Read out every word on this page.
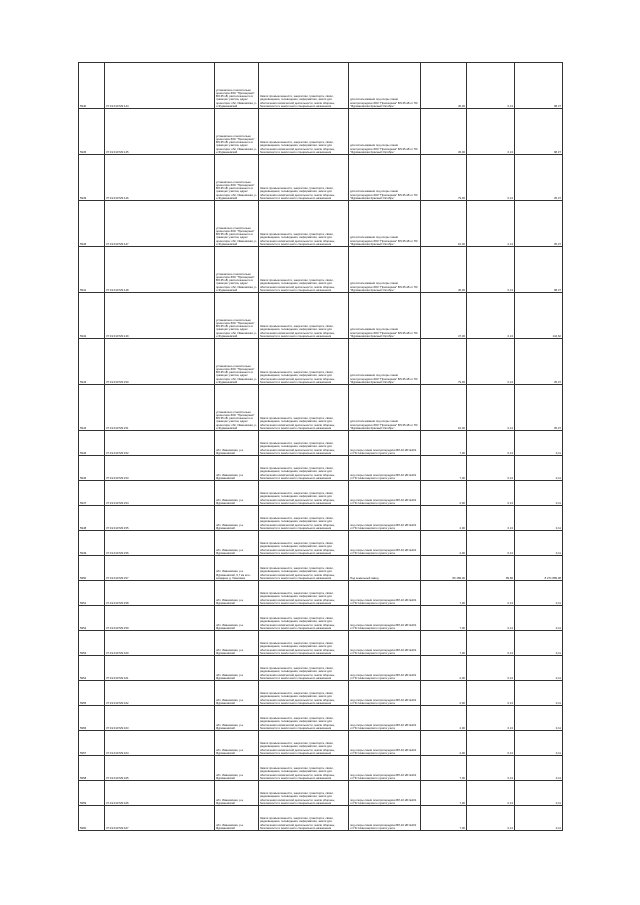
5940	37:19:010729:144	установлено относительно ориентира ЗОК "Приозерная" ВЛ-35 кВ, расположенного в границах участка, адрес ориентира: обл. Ивановская, р-н Фурмановский	Земли промышленности, энергетики, транспорта, связи, радиовещания, телевидения, информатики, земли для обеспечения космической деятельности, земли обороны, безопасности и земли иного специального назначения	для использования под опоры линии электропередачи ЗОК "Приозерная" ВЛ-35 кВ от ПС "Фурмановская Красный Октябрь"	45,00	0,13	98,37
5945	37:19:010729:145	установлено относительно ориентира ЗОК "Приозерная" ВЛ-35 кВ, расположенного в границах участка, адрес ориентира: обл. Ивановская, р-н Фурмановский	Земли промышленности, энергетики, транспорта, связи, радиовещания, телевидения, информатики, земли для обеспечения космической деятельности, земли обороны, безопасности и земли иного специального назначения	для использования под опоры линии электропередачи ЗОК "Приозерная" ВЛ-35 кВ от ПС "Фурмановская Красный Октябрь"	45,00	0,13	98,37
5939	37:19:010729:146	установлено относительно ориентира ЗОК "Приозерная" ВЛ-35 кВ, расположенного в границах участка, адрес ориентира: обл. Ивановская, р-н Фурмановский	Земли промышленности, энергетики, транспорта, связи, радиовещания, телевидения, информатики, земли для обеспечения космической деятельности, земли обороны, безопасности и земли иного специального назначения	для использования под опоры линии электропередачи ЗОК "Приозерная" ВЛ-35 кВ от ПС "Фурмановская Красный Октябрь"	79,00	0,13	35,07
5946	37:19:010729:147	установлено относительно ориентира ЗОК "Приозерная" ВЛ-35 кВ, расположенного в границах участка, адрес ориентира: обл. Ивановская, р-н Фурмановский	Земли промышленности, энергетики, транспорта, связи, радиовещания, телевидения, информатики, земли для обеспечения космической деятельности, земли обороны, безопасности и земли иного специального назначения	для использования под опоры линии электропередачи ЗОК "Приозерная" ВЛ-35 кВ от ПС "Фурмановская Красный Октябрь"	16,00	2,13	35,07
5941	37:19:010729:148	установлено относительно ориентира ЗОК "Приозерная" ВЛ-35 кВ, расположенного в границах участка, адрес ориентира: обл. Ивановская, р-н Фурмановский	Земли промышленности, энергетики, транспорта, связи, радиовещания, телевидения, информатики, земли для обеспечения космической деятельности, земли обороны, безопасности и земли иного специального назначения	для использования под опоры линии электропередачи ЗОК "Приозерная" ВЛ-35 кВ от ПС "Фурмановская Красный Октябрь"	45,00	0,13	98,37
5942	37:19:010729:149	установлено относительно ориентира ЗОК "Приозерная" ВЛ-35 кВ, расположенного в границах участка, адрес ориентира: обл. Ивановская, р-н Фурмановский	Земли промышленности, энергетики, транспорта, связи, радиовещания, телевидения, информатики, земли для обеспечения космической деятельности, земли обороны, безопасности и земли иного специального назначения	для использования под опоры линии электропередачи ЗОК "Приозерная" ВЛ-35 кВ от ПС "Фурмановская Красный Октябрь"	47,00	0,13	142,62
5943	37:19:010729:150	установлено относительно ориентира ЗОК "Приозерная" ВЛ-35 кВ, расположенного в границах участка, адрес ориентира: обл. Ивановская, р-н Фурмановский	Земли промышленности, энергетики, транспорта, связи, радиовещания, телевидения, информатики, земли для обеспечения космической деятельности, земли обороны, безопасности и земли иного специального назначения	для использования под опоры линии электропередачи ЗОК "Приозерная" ВЛ-35 кВ от ПС "Фурмановская Красный Октябрь"	79,00	0,13	35,07
5944	37:19:010729:151	установлено относительно ориентира ЗОК "Приозерная" ВЛ-35 кВ, расположенного в границах участка, адрес ориентира: обл. Ивановская, р-н Фурмановский	Земли промышленности, энергетики, транспорта, связи, радиовещания, телевидения, информатики, земли для обеспечения космической деятельности, земли обороны, безопасности и земли иного специального назначения	для использования под опоры линии электропередачи ЗОК "Приозерная" ВЛ-35 кВ от ПС "Фурмановская Красный Октябрь"	16,00	0,13	35,07
5946	37:19:010729:152	обл. Ивановская, р-н Фурмановский	Земли промышленности, энергетики, транспорта, связи, радиовещания, телевидения, информатики, земли для обеспечения космической деятельности, земли обороны, безопасности и земли иного специального назначения	под опоры линии электропередачи ВЛ-10 кВ №101 от ПС Новоозерского пункта учета	7,00	0,13	0,11
5945	37:19:010729:153	обл. Ивановская, р-н Фурмановский	Земли промышленности, энергетики, транспорта, связи, радиовещания, телевидения, информатики, земли для обеспечения космической деятельности, земли обороны, безопасности и земли иного специального назначения	под опоры линии электропередачи ВЛ-10 кВ №101 от ПС Новоозерского пункта учета	7,00	0,13	0,11
5947	37:19:010729:154	обл. Ивановская, р-н Фурмановский	Земли промышленности, энергетики, транспорта, связи, радиовещания, телевидения, информатики, земли для обеспечения космической деятельности, земли обороны, безопасности и земли иного специального назначения	под опоры линии электропередачи ВЛ-10 кВ №101 от ПС Новоозерского пункта учета	2,00	0,13	0,11
5948	37:19:010729:155	обл. Ивановская, р-н Фурмановский	Земли промышленности, энергетики, транспорта, связи, радиовещания, телевидения, информатики, земли для обеспечения космической деятельности, земли обороны, безопасности и земли иного специального назначения	под опоры линии электропередачи ВЛ-10 кВ №101 от ПС Новоозерского пункта учета	2,00	0,13	0,11
5949	37:19:010729:156	обл. Ивановская, р-н Фурмановский	Земли промышленности, энергетики, транспорта, связи, радиовещания, телевидения, информатики, земли для обеспечения космической деятельности, земли обороны, безопасности и земли иного специального назначения	под опоры линии электропередачи ВЛ-10 кВ №101 от ПС Новоозерского пункта учета	2,00	0,13	0,11
5950	37:19:010729:157	обл. Ивановская, р-н Фурмановский, 0,7 км юго-западнее д. Хмелинка	Земли промышленности, энергетики, транспорта, связи, радиовещания, телевидения, информатики, земли для обеспечения космической деятельности, земли обороны, безопасности и земли иного специального назначения	Под земельный завод	86 189,00	89,86	8 271 889,38
5951	37:19:010729:158	обл. Ивановская, р-н Фурмановский	Земли промышленности, энергетики, транспорта, связи, радиовещания, телевидения, информатики, земли для обеспечения космической деятельности, земли обороны, безопасности и земли иного специального назначения	под опоры линии электропередачи ВЛ-10 кВ №101 от ПС Новоозерского пункта учета	7,00	0,13	0,11
5952	37:19:010729:159	обл. Ивановская, р-н Фурмановский	Земли промышленности, энергетики, транспорта, связи, радиовещания, телевидения, информатики, земли для обеспечения космической деятельности, земли обороны, безопасности и земли иного специального назначения	под опоры линии электропередачи ВЛ-10 кВ №101 от ПС Новоозерского пункта учета	7,00	0,13	0,11
5953	37:19:010729:160	обл. Ивановская, р-н Фурмановский	Земли промышленности, энергетики, транспорта, связи, радиовещания, телевидения, информатики, земли для обеспечения космической деятельности, земли обороны, безопасности и земли иного специального назначения	под опоры линии электропередачи ВЛ-10 кВ №101 от ПС Новоозерского пункта учета	7,00	0,13	0,11
5954	37:19:010729:161	обл. Ивановская, р-н Фурмановский	Земли промышленности, энергетики, транспорта, связи, радиовещания, телевидения, информатики, земли для обеспечения космической деятельности, земли обороны, безопасности и земли иного специального назначения	под опоры линии электропередачи ВЛ-10 кВ №101 от ПС Новоозерского пункта учета	2,00	0,13	0,11
5955	37:19:010729:162	обл. Ивановская, р-н Фурмановский	Земли промышленности, энергетики, транспорта, связи, радиовещания, телевидения, информатики, земли для обеспечения космической деятельности, земли обороны, безопасности и земли иного специального назначения	под опоры линии электропередачи ВЛ-10 кВ №101 от ПС Новоозерского пункта учета	2,00	0,13	0,11
5956	37:19:010729:163	обл. Ивановская, р-н Фурмановский	Земли промышленности, энергетики, транспорта, связи, радиовещания, телевидения, информатики, земли для обеспечения космической деятельности, земли обороны, безопасности и земли иного специального назначения	под опоры линии электропередачи ВЛ-10 кВ №101 от ПС Новоозерского пункта учета	2,00	0,13	0,11
5957	37:19:010729:164	обл. Ивановская, р-н Фурмановский	Земли промышленности, энергетики, транспорта, связи, радиовещания, телевидения, информатики, земли для обеспечения космической деятельности, земли обороны, безопасности и земли иного специального назначения	под опоры линии электропередачи ВЛ-10 кВ №101 от ПС Новоозерского пункта учета	2,00	0,13	0,11
5958	37:19:010729:165	обл. Ивановская, р-н Фурмановский	Земли промышленности, энергетики, транспорта, связи, радиовещания, телевидения, информатики, земли для обеспечения космической деятельности, земли обороны, безопасности и земли иного специального назначения	под опоры линии электропередачи ВЛ-10 кВ №101 от ПС Новоозерского пункта учета	7,00	0,13	0,11
5959	37:19:010729:166	обл. Ивановская, р-н Фурмановский	Земли промышленности, энергетики, транспорта, связи, радиовещания, телевидения, информатики, земли для обеспечения космической деятельности, земли обороны, безопасности и земли иного специального назначения	под опоры линии электропередачи ВЛ-10 кВ №101 от ПС Новоозерского пункта учета	7,00	0,13	0,11
5960	37:19:010729:167	обл. Ивановская, р-н Фурмановский	Земли промышленности, энергетики, транспорта, связи, радиовещания, телевидения, информатики, земли для обеспечения космической деятельности, земли обороны, безопасности и земли иного специального назначения	под опоры линии электропередачи ВЛ-10 кВ №101 от ПС Новоозерского пункта учета	7,00	0,13	0,11
